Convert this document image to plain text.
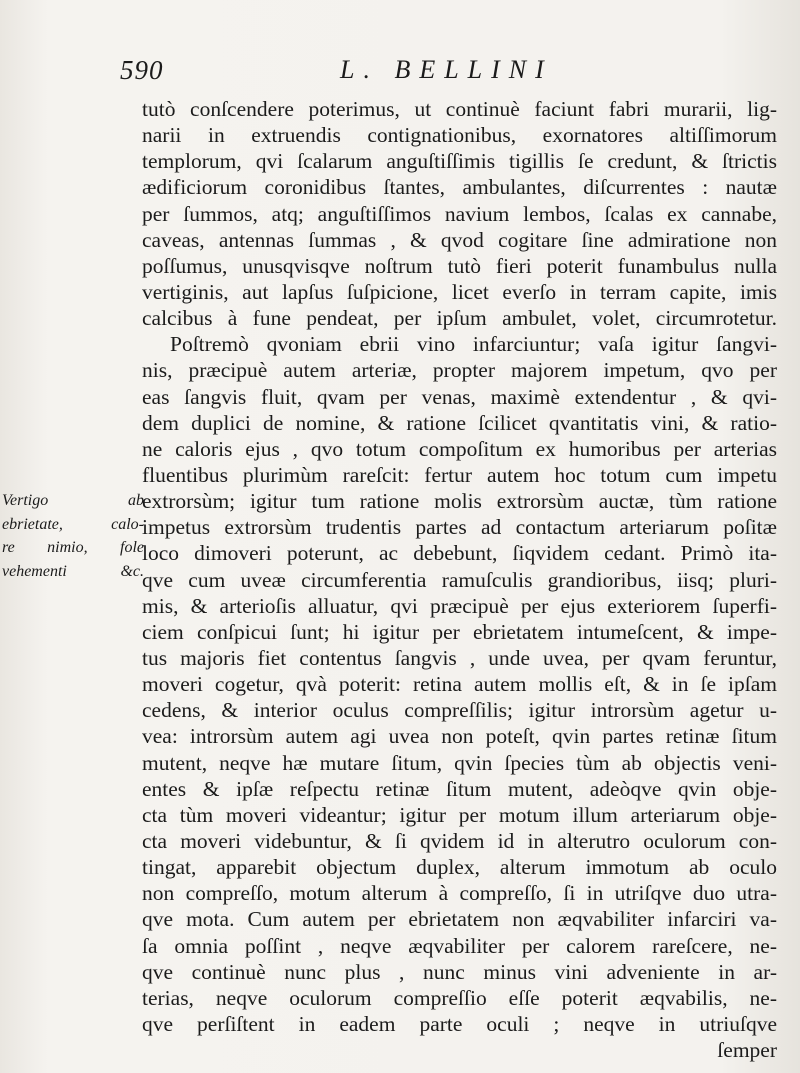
590	L. BELLINI
Vertigo ab
ebrietate, calo-
re nimio, fole
vehementi &c.
tutò conſcendere poterimus, ut continuè faciunt fabri murarii, lig-
narii in extruendis contignationibus, exornatores altiſſimorum
templorum, qvi ſcalarum anguſtiſſimis tigillis ſe credunt, & ſtrictis
ædificiorum coronidibus ſtantes, ambulantes, diſcurrentes : nautæ
per ſummos, atq; anguſtiſſimos navium lembos, ſcalas ex cannabe,
caveas, antennas ſummas , & qvod cogitare ſine admiratione non
poſſumus, unusqvisqve noſtrum tutò fieri poterit funambulus nulla
vertiginis, aut lapſus ſuſpicione, licet everſo in terram capite, imis
calcibus à fune pendeat, per ipſum ambulet, volet, circumrotetur.
Poſtremò qvoniam ebrii vino infarciuntur; vaſa igitur ſangvi-
nis, præcipuè autem arteriæ, propter majorem impetum, qvo per
eas ſangvis fluit, qvam per venas, maximè extendentur , & qvi-
dem duplici de nomine, & ratione ſcilicet qvantitatis vini, & ratio-
ne caloris ejus , qvo totum compoſitum ex humoribus per arterias
fluentibus plurimùm rareſcit: fertur autem hoc totum cum impetu
extrorsùm; igitur tum ratione molis extrorsùm auctæ, tùm ratione
impetus extrorsùm trudentis partes ad contactum arteriarum poſitæ
loco dimoveri poterunt, ac debebunt, ſiqvidem cedant. Primò ita-
qve cum uveæ circumferentia ramuſculis grandioribus, iisq; pluri-
mis, & arterioſis alluatur, qvi præcipuè per ejus exteriorem ſuperfi-
ciem conſpicui ſunt; hi igitur per ebrietatem intumeſcent, & impe-
tus majoris fiet contentus ſangvis , unde uvea, per qvam feruntur,
moveri cogetur, qvà poterit: retina autem mollis eſt, & in ſe ipſam
cedens, & interior oculus compreſſilis; igitur introrsùm agetur u-
vea: introrsùm autem agi uvea non poteſt, qvin partes retinæ ſitum
mutent, neqve hæ mutare ſitum, qvin ſpecies tùm ab objectis veni-
entes & ipſæ reſpectu retinæ ſitum mutent, adeòqve qvin obje-
cta tùm moveri videantur; igitur per motum illum arteriarum obje-
cta moveri videbuntur, & ſi qvidem id in alterutro oculorum con-
tingat, apparebit objectum duplex, alterum immotum ab oculo
non compreſſo, motum alterum à compreſſo, ſi in utriſqve duo utra-
qve mota. Cum autem per ebrietatem non æqvabiliter infarciri va-
ſa omnia poſſint , neqve æqvabiliter per calorem rareſcere, ne-
qve continuè nunc plus , nunc minus vini adveniente in ar-
terias, neqve oculorum compreſſio eſſe poterit æqvabilis, ne-
qve perſiſtent in eadem parte oculi ; neqve in utriuſqve
ſemper
